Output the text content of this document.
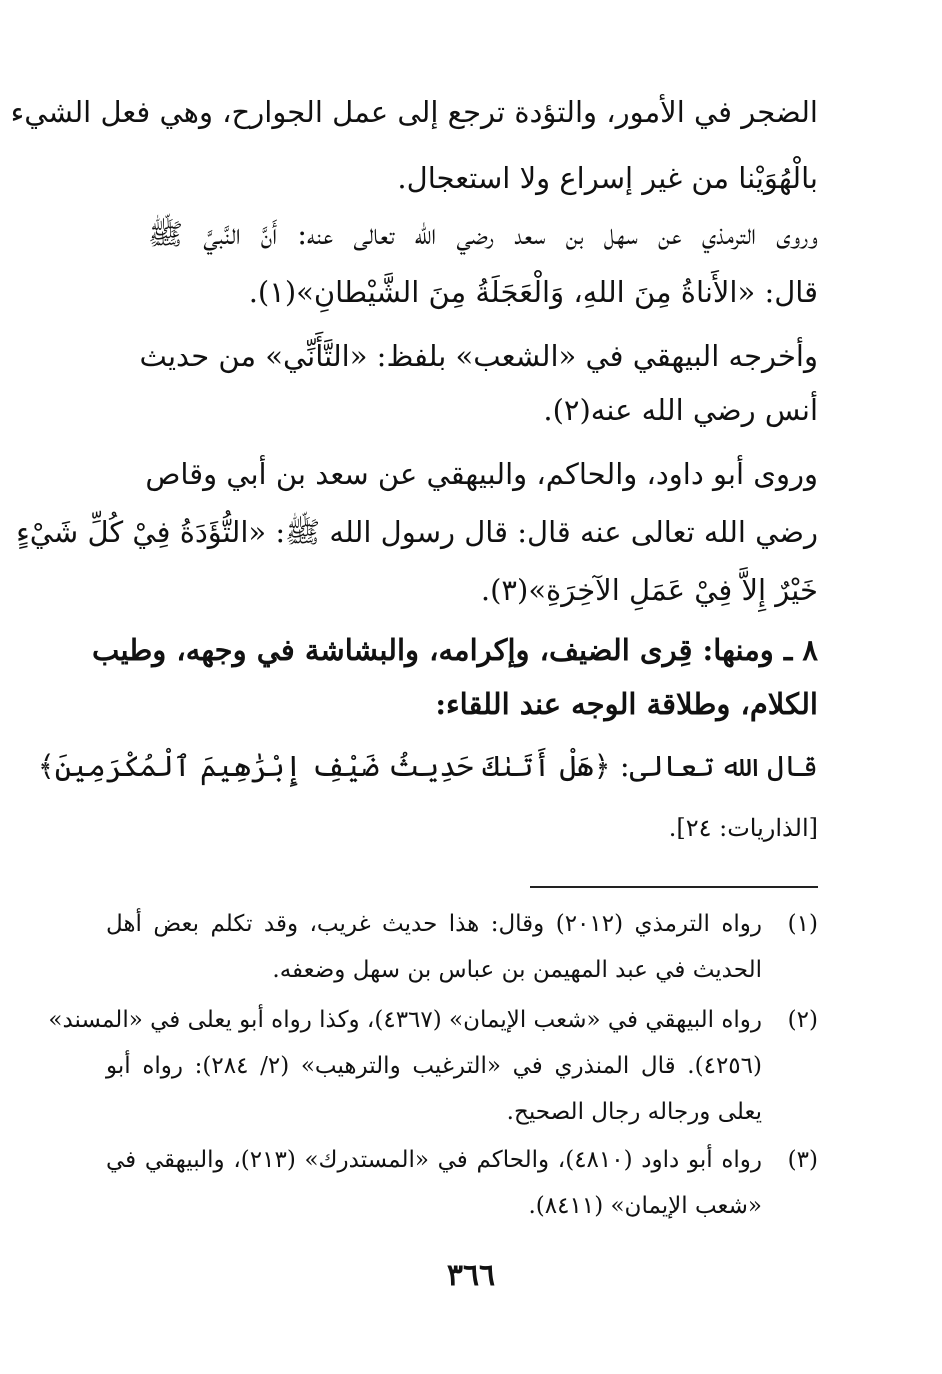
الضجر في الأمور، والتؤدة ترجع إلى عمل الجوارح، وهي فعل الشيء
بالْهُوَيْنا من غير إسراع ولا استعجال.
وروى الترمذي عن سهل بن سعد رضي الله تعالى عنه: أَنَّ النَّبيَّ ﷺ
قال: «الأَناةُ مِنَ اللهِ، وَالْعَجَلَةُ مِنَ الشَّيْطانِ»(١).
وأخرجه البيهقي في «الشعب» بلفظ: «التَّأَنِّي» من حديث
أنس رضي الله عنه(٢).
وروى أبو داود، والحاكم، والبيهقي عن سعد بن أبي وقاص
رضي الله تعالى عنه قال: قال رسول الله ﷺ: «التُّؤَدَةُ فِيْ كُلِّ شَيْءٍ
خَيْرٌ إِلاَّ فِيْ عَمَلِ الآخِرَةِ»(٣).
٨ ـ ومنها: قِرى الضيف، وإكرامه، والبشاشة في وجهه، وطيب
الكلام، وطلاقة الوجه عند اللقاء:
قال الله تعالى: ﴿هَلْ أَتَىٰكَ حَدِيثُ ضَيْفِ إِبْرَٰهِيمَ ٱلْمُكْرَمِينَ﴾
[الذاريات: ٢٤].
(١)
رواه الترمذي (٢٠١٢) وقال: هذا حديث غريب، وقد تكلم بعض أهل
الحديث في عبد المهيمن بن عباس بن سهل وضعفه.
(٢)
رواه البيهقي في «شعب الإيمان» (٤٣٦٧)، وكذا رواه أبو يعلى في «المسند»
(٤٢٥٦). قال المنذري في «الترغيب والترهيب» (٢/ ٢٨٤): رواه أبو
يعلى ورجاله رجال الصحيح.
(٣)
رواه أبو داود (٤٨١٠)، والحاكم في «المستدرك» (٢١٣)، والبيهقي في
«شعب الإيمان» (٨٤١١).
٣٦٦
